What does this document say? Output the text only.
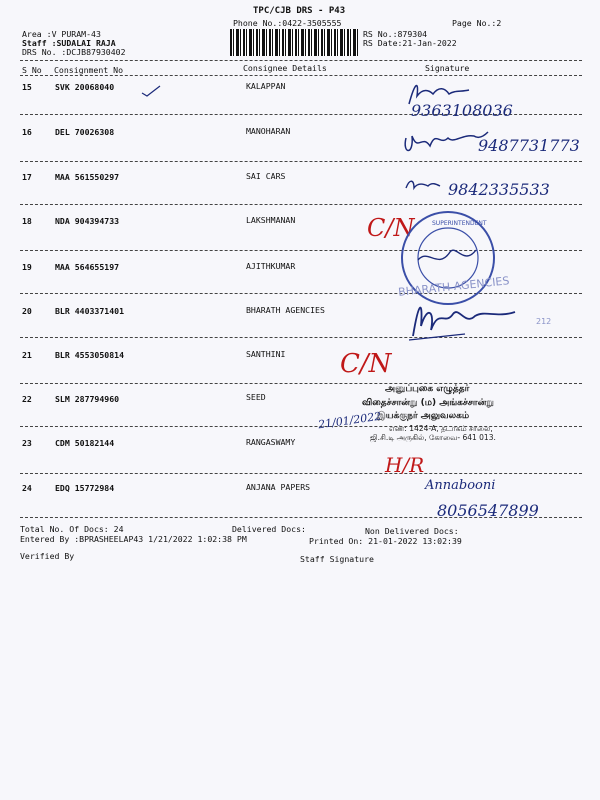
TPC/CJB DRS - P43
Phone No.:0422-3505555	Page No.:2
Area :V PURAM-43
Staff :SUDALAI RAJA
DRS No. :DCJB87930402
RS No.:879304
RS Date:21-Jan-2022
S No Consignment No	Consignee Details	Signature
15	SVK 20068040	KALAPPAN
16	DEL 70026308	MANOHARAN
17	MAA 561550297	SAI CARS
18	NDA 904394733	LAKSHMANAN
19	MAA 564655197	AJITHKUMAR
20	BLR 4403371401	BHARATH AGENCIES
21	BLR 4553050814	SANTHINI
22	SLM 287794960	SEED
23	CDM 50182144	RANGASWAMY
24	EDQ 15772984	ANJANA PAPERS
9363108036
9487731773
9842335533
C/N
C/N
H/R
Annabooni
8056547899
SUPERINTENDENT
BHARATH AGENCIES
212
அனுப்புகை எழுத்தர்
விதைச்சான்று (ம) அங்கச்சான்று
இயக்குநர் அலுவலகம்
எண்: 1424-A, தடாகம் சாலை,
ஜி.சி.டி அருகில், கோவை- 641 013.
21/01/2022
Total No. Of Docs: 24	Delivered Docs:	Non Delivered Docs:
Entered By :BPRASHEELAP43 1/21/2022 1:02:38 PM	Printed On: 21-01-2022 13:02:39
Verified By	Staff Signature
